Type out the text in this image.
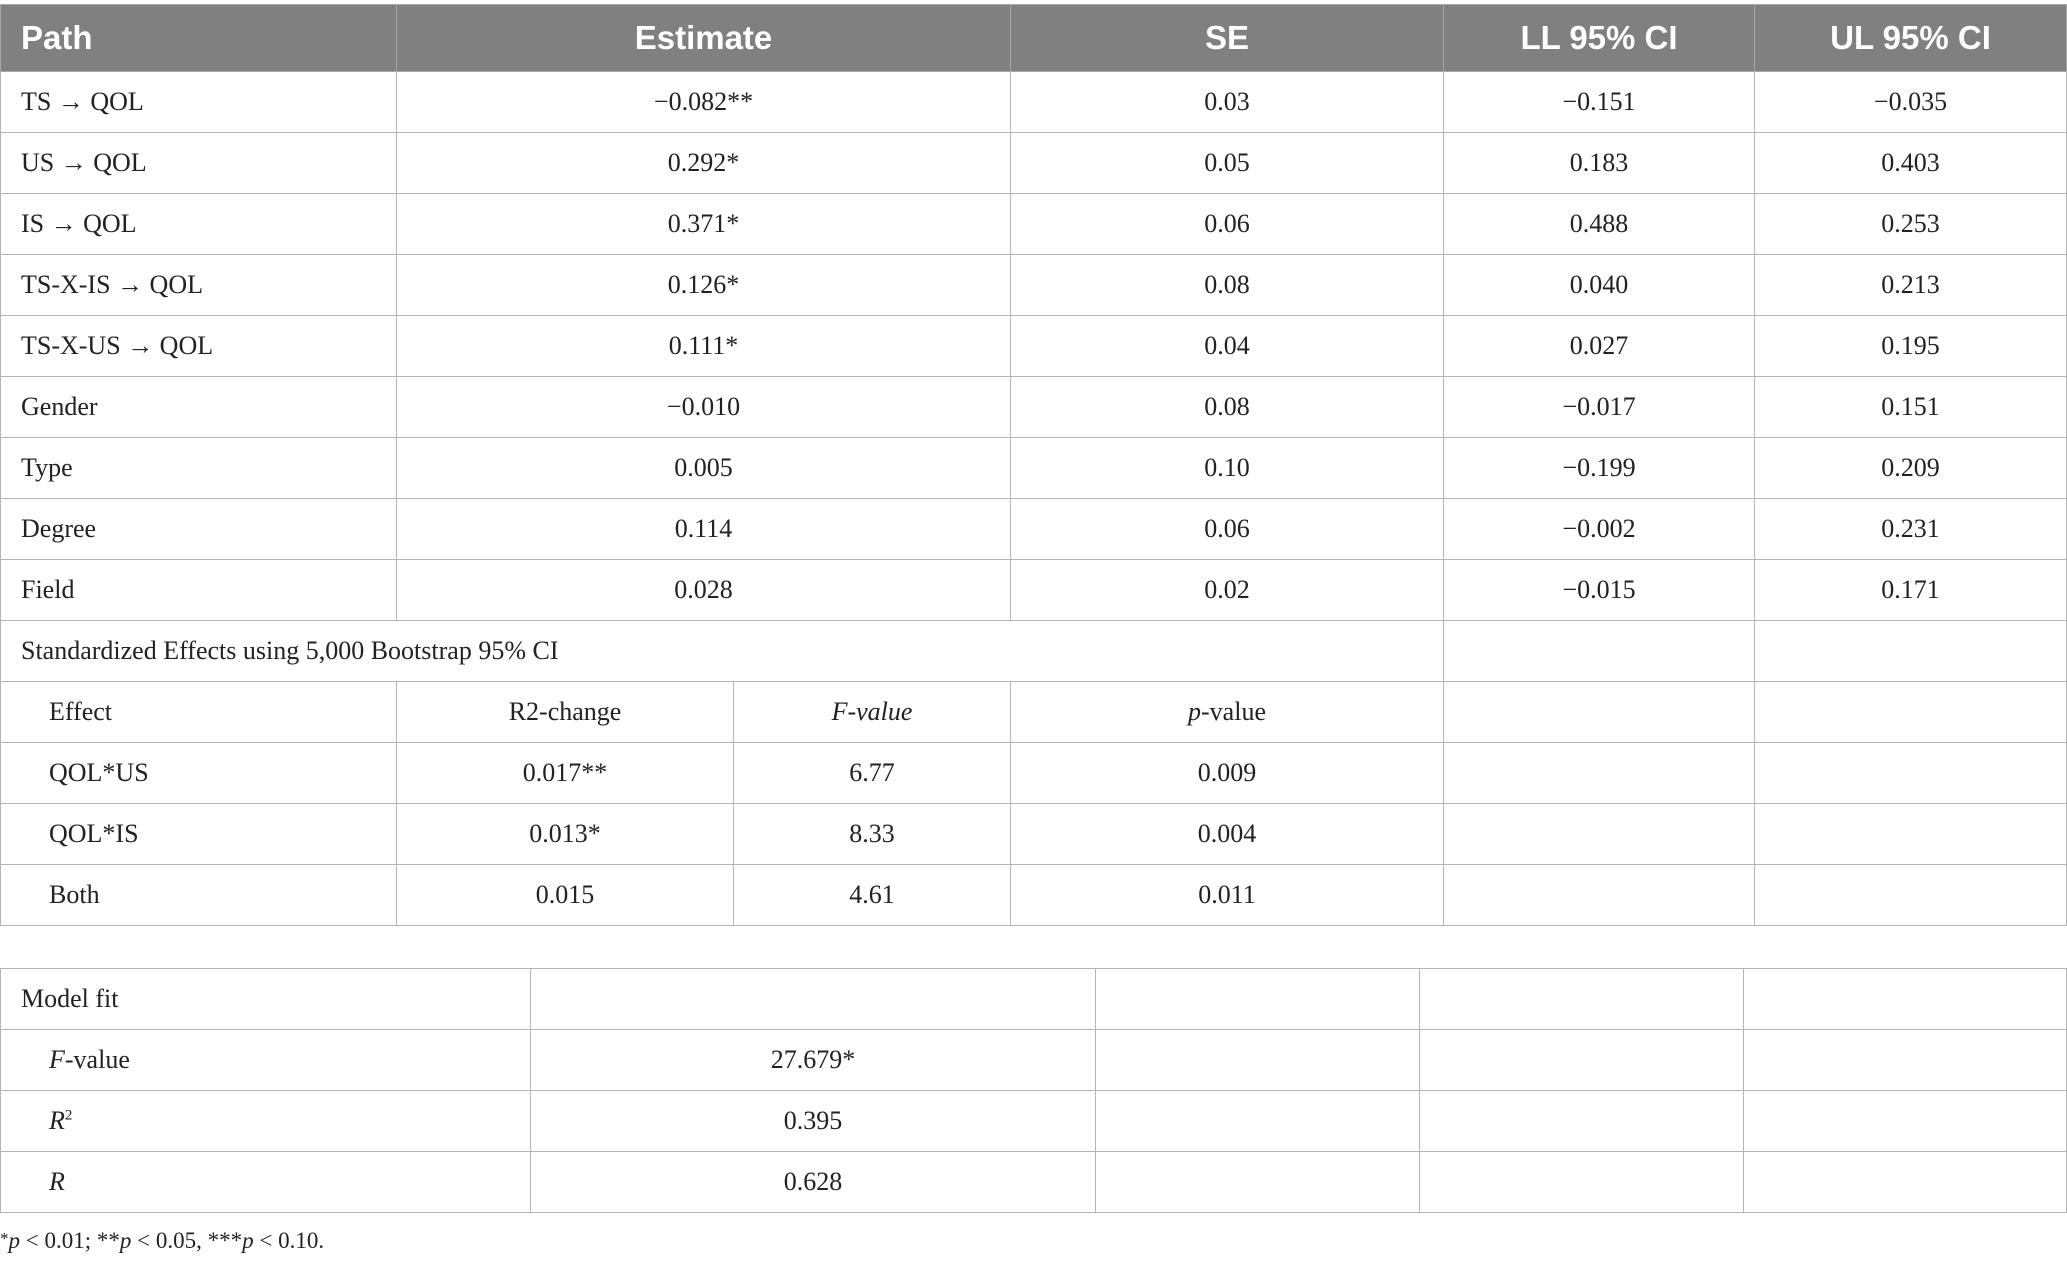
Path	Estimate		SE	LL 95% CI	UL 95% CI
TS → QOL	−0.082**		0.03	−0.151	−0.035
US → QOL	0.292*		0.05	0.183	0.403
IS → QOL	0.371*		0.06	0.488	0.253
TS-X-IS → QOL	0.126*		0.08	0.040	0.213
TS-X-US → QOL	0.111*		0.04	0.027	0.195
Gender	−0.010		0.08	−0.017	0.151
Type	0.005		0.10	−0.199	0.209
Degree	0.114		0.06	−0.002	0.231
Field	0.028		0.02	−0.015	0.171
Standardized Effects using 5,000 Bootstrap 95% CI					
Effect	R2-change	F-value	p-value		
QOL*US	0.017**	6.77	0.009		
QOL*IS	0.013*	8.33	0.004		
Both	0.015	4.61	0.011		
Model fit				
F-value	27.679*			
$R^2$	0.395			
R	0.628			
*p < 0.01; **p < 0.05, ***p < 0.10.
